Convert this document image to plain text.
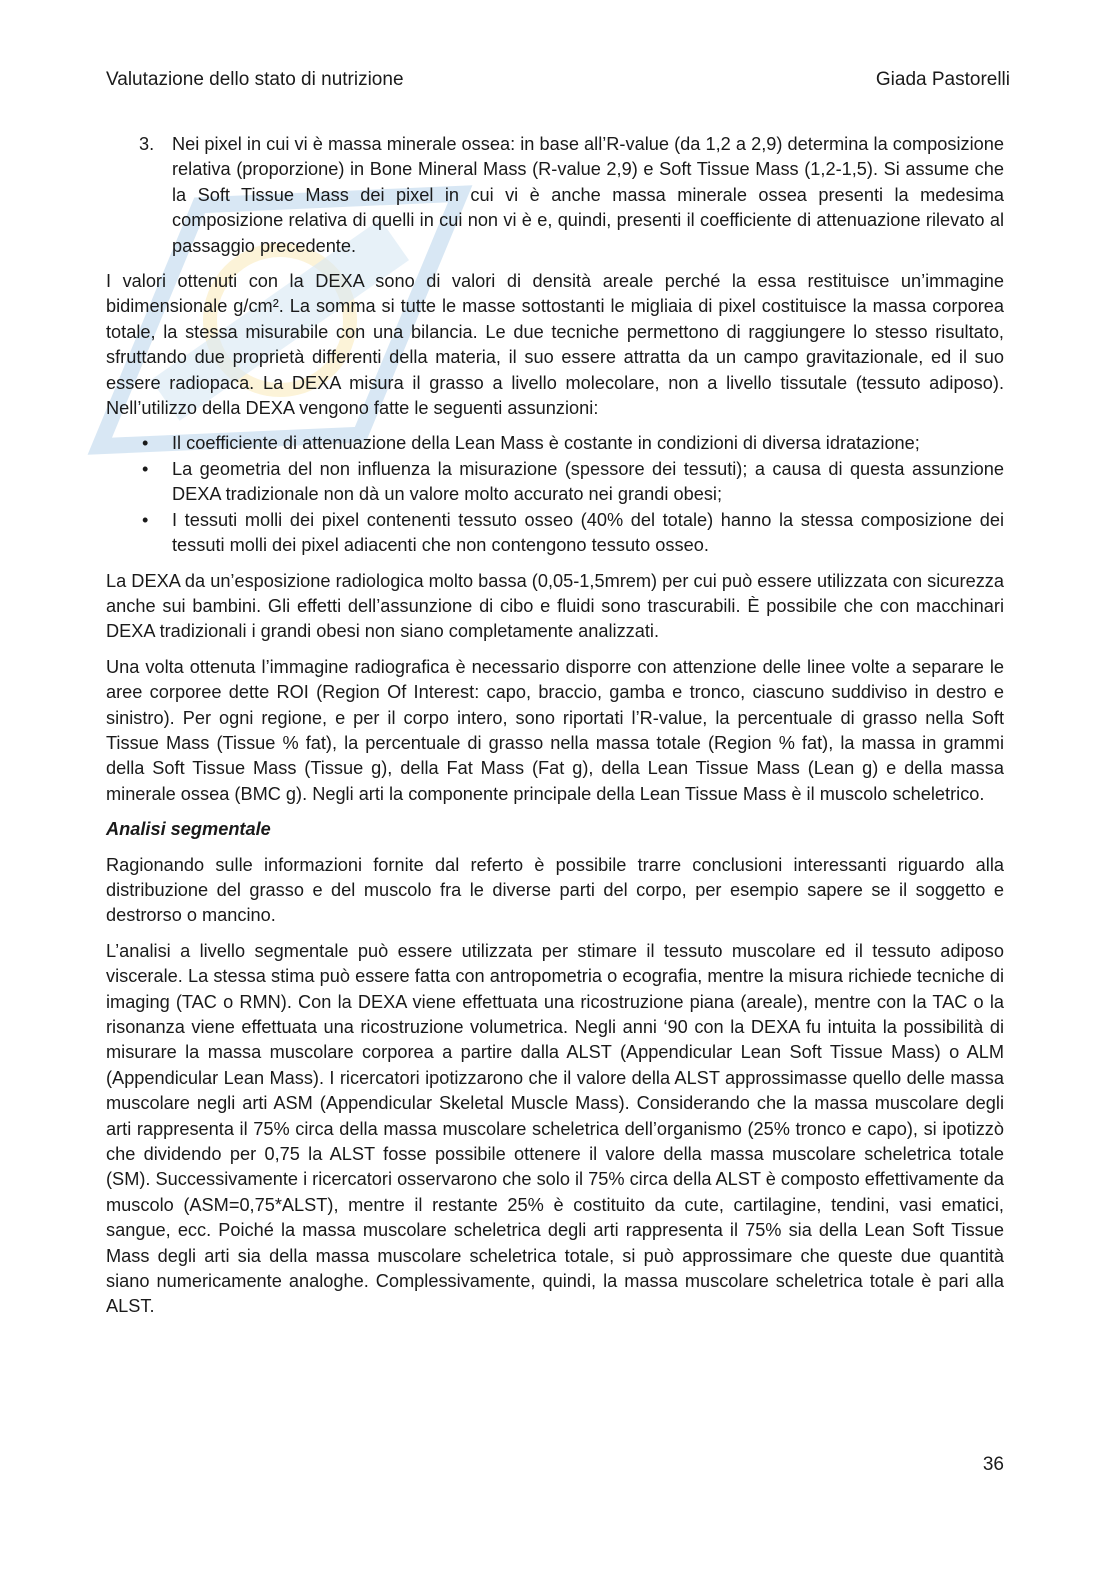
Valutazione dello stato di nutrizione	Giada Pastorelli
3. Nei pixel in cui vi è massa minerale ossea: in base all’R-value (da 1,2 a 2,9) determina la composizione relativa (proporzione) in Bone Mineral Mass (R-value 2,9) e Soft Tissue Mass (1,2-1,5). Si assume che la Soft Tissue Mass dei pixel in cui vi è anche massa minerale ossea presenti la medesima composizione relativa di quelli in cui non vi è e, quindi, presenti il coefficiente di attenuazione rilevato al passaggio precedente.

I valori ottenuti con la DEXA sono di valori di densità areale perché la essa restituisce un’immagine bidimensionale g/cm². La somma si tutte le masse sottostanti le migliaia di pixel costituisce la massa corporea totale, la stessa misurabile con una bilancia. Le due tecniche permettono di raggiungere lo stesso risultato, sfruttando due proprietà differenti della materia, il suo essere attratta da un campo gravitazionale, ed il suo essere radiopaca. La DEXA misura il grasso a livello molecolare, non a livello tissutale (tessuto adiposo). Nell’utilizzo della DEXA vengono fatte le seguenti assunzioni:

•	Il coefficiente di attenuazione della Lean Mass è costante in condizioni di diversa idratazione;
•	La geometria del non influenza la misurazione (spessore dei tessuti); a causa di questa assunzione DEXA tradizionale non dà un valore molto accurato nei grandi obesi;
•	I tessuti molli dei pixel contenenti tessuto osseo (40% del totale) hanno la stessa composizione dei tessuti molli dei pixel adiacenti che non contengono tessuto osseo.

La DEXA da un’esposizione radiologica molto bassa (0,05-1,5mrem) per cui può essere utilizzata con sicurezza anche sui bambini. Gli effetti dell’assunzione di cibo e fluidi sono trascurabili. È possibile che con macchinari DEXA tradizionali i grandi obesi non siano completamente analizzati.

Una volta ottenuta l’immagine radiografica è necessario disporre con attenzione delle linee volte a separare le aree corporee dette ROI (Region Of Interest: capo, braccio, gamba e tronco, ciascuno suddiviso in destro e sinistro). Per ogni regione, e per il corpo intero, sono riportati l’R-value, la percentuale di grasso nella Soft Tissue Mass (Tissue % fat), la percentuale di grasso nella massa totale (Region % fat), la massa in grammi della Soft Tissue Mass (Tissue g), della Fat Mass (Fat g), della Lean Tissue Mass (Lean g) e della massa minerale ossea (BMC g). Negli arti la componente principale della Lean Tissue Mass è il muscolo scheletrico.

Analisi segmentale

Ragionando sulle informazioni fornite dal referto è possibile trarre conclusioni interessanti riguardo alla distribuzione del grasso e del muscolo fra le diverse parti del corpo, per esempio sapere se il soggetto e destrorso o mancino.

L’analisi a livello segmentale può essere utilizzata per stimare il tessuto muscolare ed il tessuto adiposo viscerale. La stessa stima può essere fatta con antropometria o ecografia, mentre la misura richiede tecniche di imaging (TAC o RMN). Con la DEXA viene effettuata una ricostruzione piana (areale), mentre con la TAC o la risonanza viene effettuata una ricostruzione volumetrica. Negli anni ‘90 con la DEXA fu intuita la possibilità di misurare la massa muscolare corporea a partire dalla ALST (Appendicular Lean Soft Tissue Mass) o ALM (Appendicular Lean Mass). I ricercatori ipotizzarono che il valore della ALST approssimasse quello delle massa muscolare negli arti ASM (Appendicular Skeletal Muscle Mass). Considerando che la massa muscolare degli arti rappresenta il 75% circa della massa muscolare scheletrica dell’organismo (25% tronco e capo), si ipotizzò che dividendo per 0,75 la ALST fosse possibile ottenere il valore della massa muscolare scheletrica totale (SM). Successivamente i ricercatori osservarono che solo il 75% circa della ALST è composto effettivamente da muscolo (ASM=0,75*ALST), mentre il restante 25% è costituito da cute, cartilagine, tendini, vasi ematici, sangue, ecc. Poiché la massa muscolare scheletrica degli arti rappresenta il 75% sia della Lean Soft Tissue Mass degli arti sia della massa muscolare scheletrica totale, si può approssimare che queste due quantità siano numericamente analoghe. Complessivamente, quindi, la massa muscolare scheletrica totale è pari alla ALST.

36
